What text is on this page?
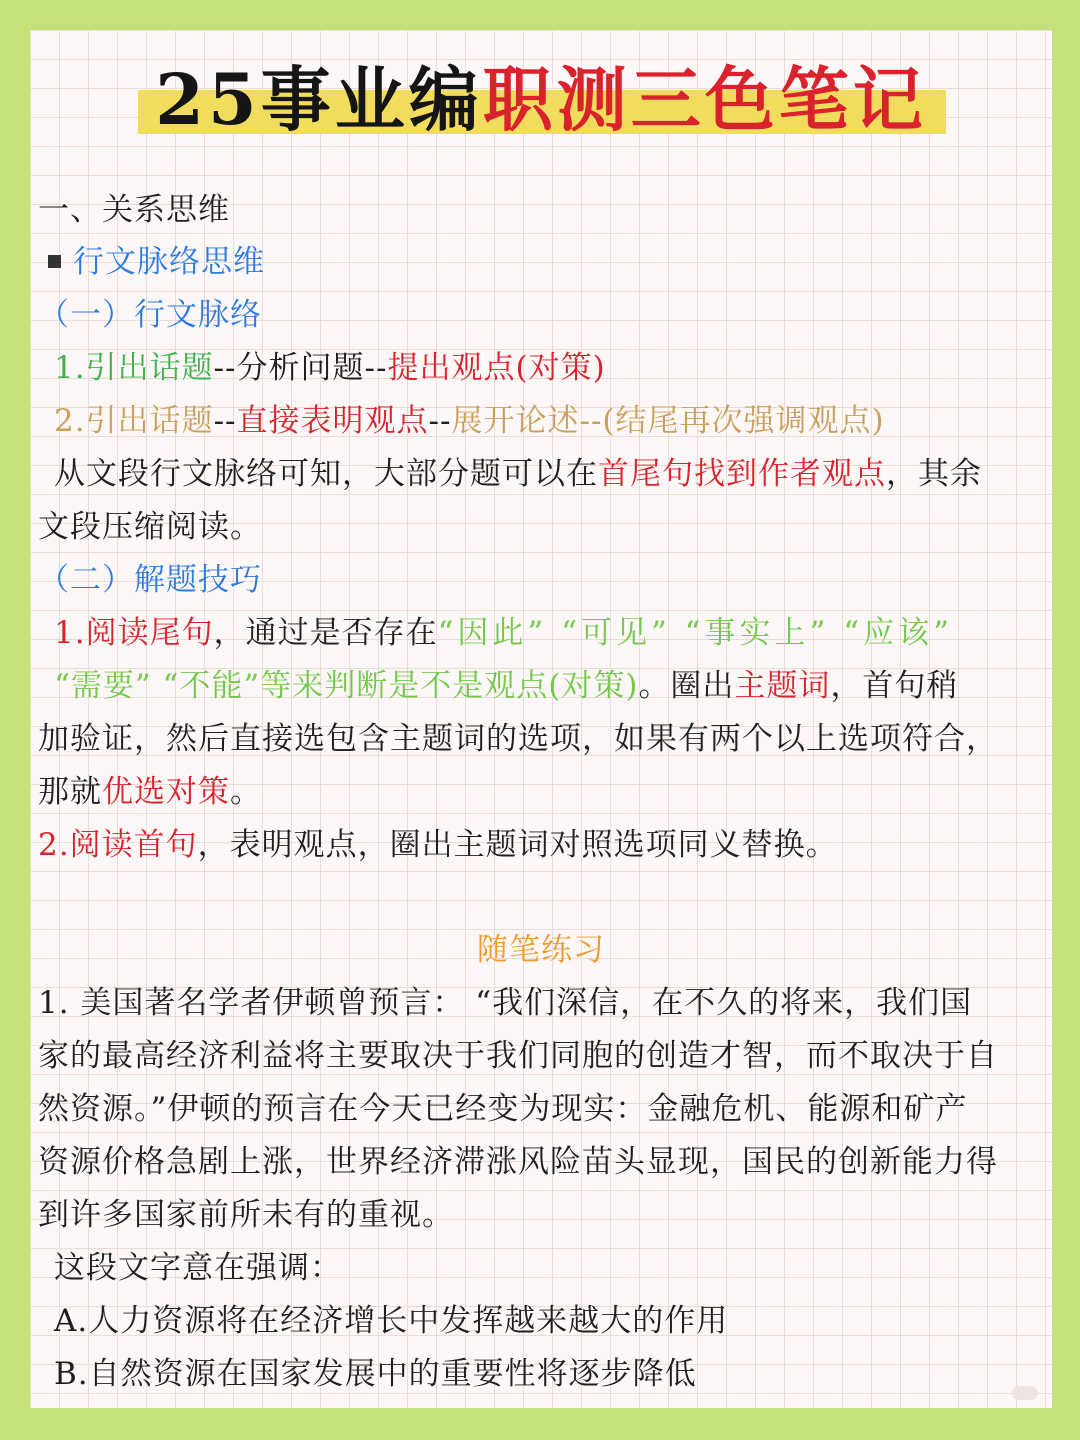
25事业编职测三色笔记
一、关系思维
行文脉络思维
（一）行文脉络
1.引出话题--分析问题--提出观点(对策)
2.引出话题--直接表明观点--展开论述--(结尾再次强调观点)
从文段行文脉络可知，大部分题可以在首尾句找到作者观点，其余
文段压缩阅读。
（二）解题技巧
1.阅读尾句，通过是否存在“因此” “可见” “事实上” “应该”
“需要” “不能”等来判断是不是观点(对策)。圈出主题词，首句稍
加验证，然后直接选包含主题词的选项，如果有两个以上选项符合，
那就优选对策。
2.阅读首句，表明观点，圈出主题词对照选项同义替换。
随笔练习
1. 美国著名学者伊顿曾预言： “我们深信，在不久的将来，我们国
家的最高经济利益将主要取决于我们同胞的创造才智，而不取决于自
然资源。”伊顿的预言在今天已经变为现实：金融危机、能源和矿产
资源价格急剧上涨，世界经济滞涨风险苗头显现，国民的创新能力得
到许多国家前所未有的重视。
这段文字意在强调：
A.人力资源将在经济增长中发挥越来越大的作用
B.自然资源在国家发展中的重要性将逐步降低
